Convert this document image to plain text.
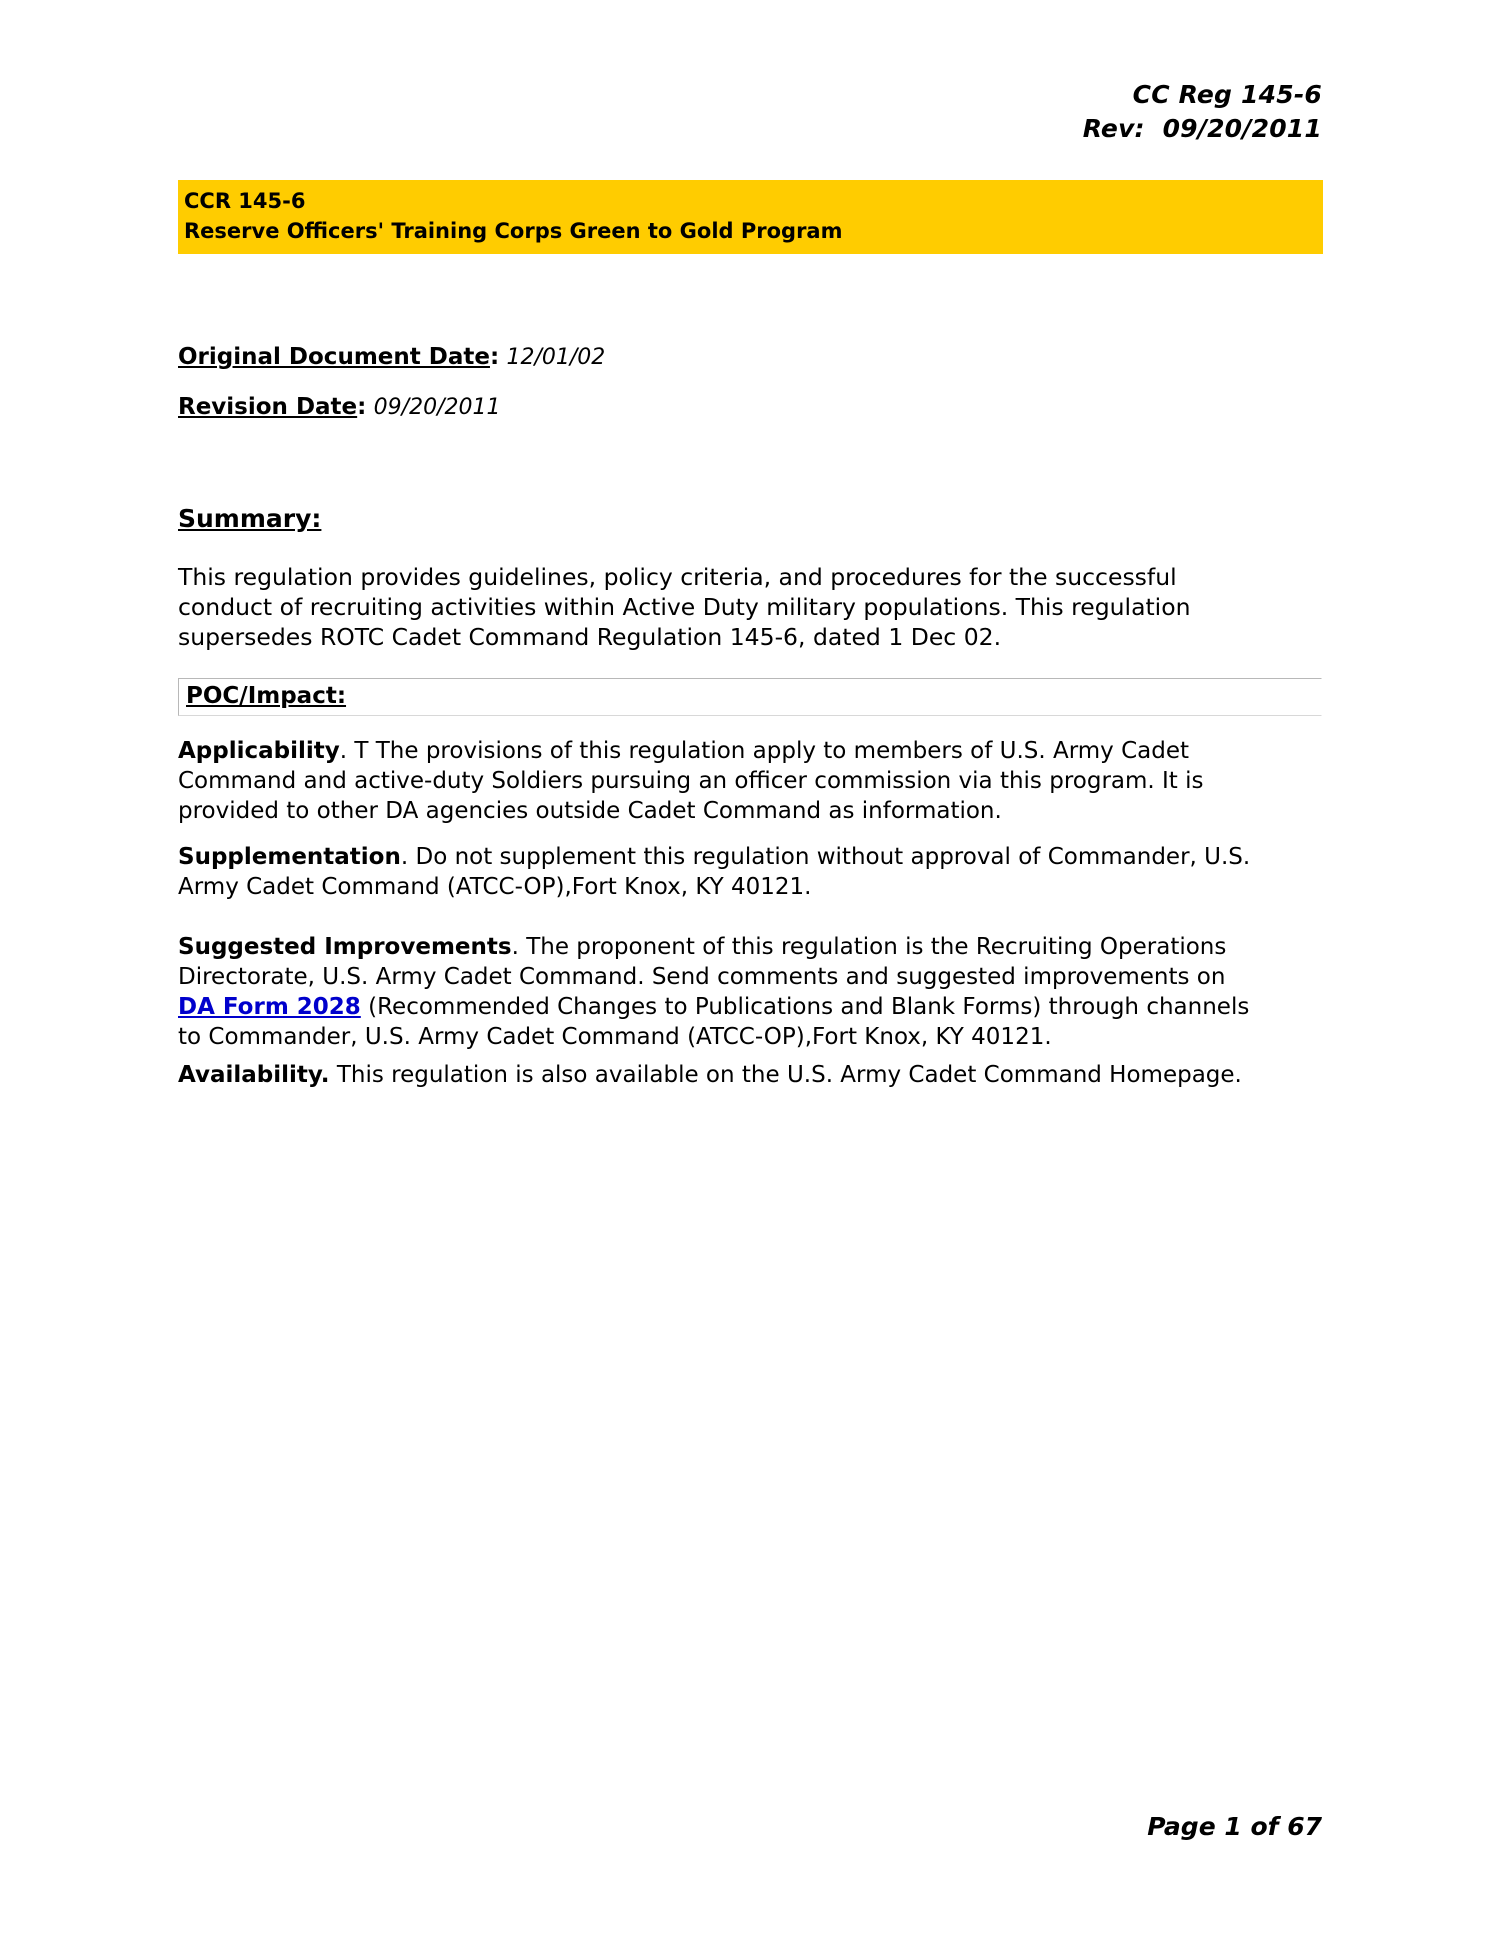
CC Reg 145-6
Rev:  09/20/2011
CCR 145-6
Reserve Officers' Training Corps Green to Gold Program
Original Document Date: 12/01/02
Revision Date: 09/20/2011
Summary:
This regulation provides guidelines, policy criteria, and procedures for the successful conduct of recruiting activities within Active Duty military populations. This regulation supersedes ROTC Cadet Command Regulation 145-6, dated 1 Dec 02.
POC/Impact:
Applicability. T The provisions of this regulation apply to members of U.S. Army Cadet Command and active-duty Soldiers pursuing an officer commission via this program. It is provided to other DA agencies outside Cadet Command as information.
Supplementation. Do not supplement this regulation without approval of Commander, U.S. Army Cadet Command (ATCC-OP),Fort Knox, KY 40121.
Suggested Improvements. The proponent of this regulation is the Recruiting Operations Directorate, U.S. Army Cadet Command. Send comments and suggested improvements on DA Form 2028 (Recommended Changes to Publications and Blank Forms) through channels to Commander, U.S. Army Cadet Command (ATCC-OP),Fort Knox, KY 40121.
Availability. This regulation is also available on the U.S. Army Cadet Command Homepage.
Page 1 of 67
